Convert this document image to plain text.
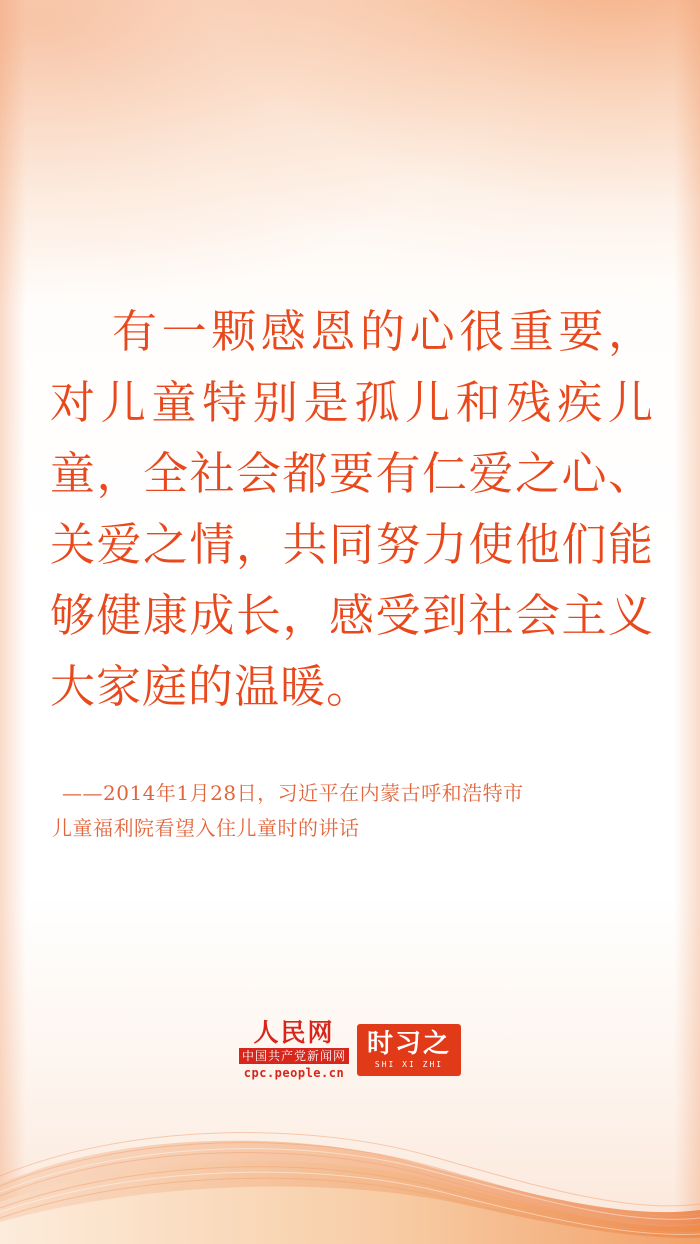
有一颗感恩的心很重要，对儿童特别是孤儿和残疾儿童，全社会都要有仁爱之心、关爱之情，共同努力使他们能够健康成长，感受到社会主义大家庭的温暖。
——2014年1月28日，习近平在内蒙古呼和浩特市
儿童福利院看望入住儿童时的讲话
人民网
中国共产党新闻网
cpc.people.cn
时习之
SHI XI ZHI
